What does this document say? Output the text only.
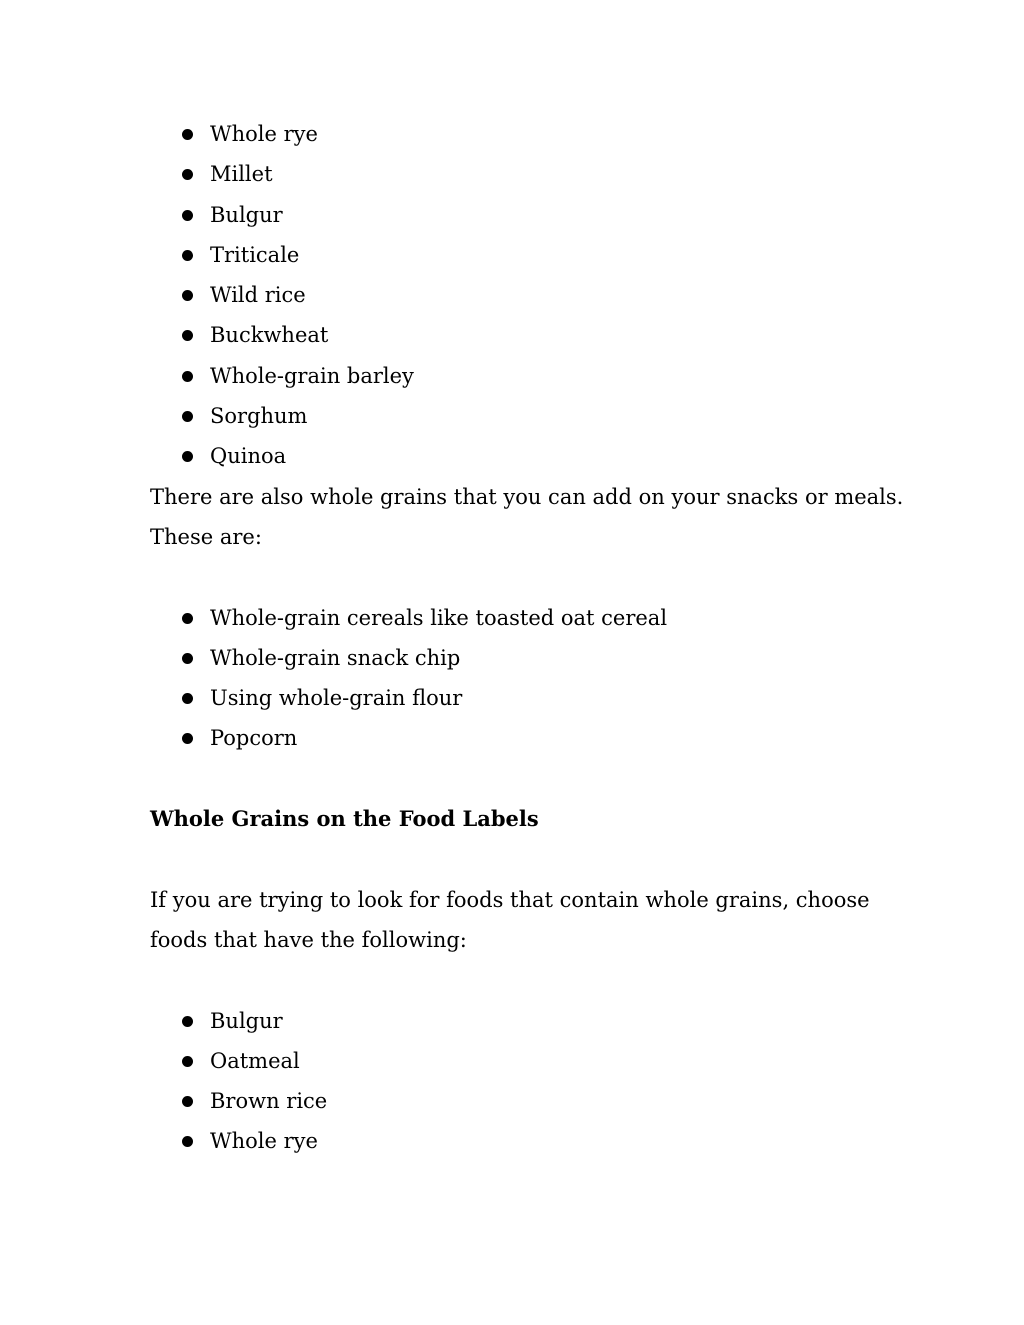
Whole rye
Millet
Bulgur
Triticale
Wild rice
Buckwheat
Whole-grain barley
Sorghum
Quinoa
There are also whole grains that you can add on your snacks or meals.
These are:
Whole-grain cereals like toasted oat cereal
Whole-grain snack chip
Using whole-grain flour
Popcorn
Whole Grains on the Food Labels
If you are trying to look for foods that contain whole grains, choose
foods that have the following:
Bulgur
Oatmeal
Brown rice
Whole rye
